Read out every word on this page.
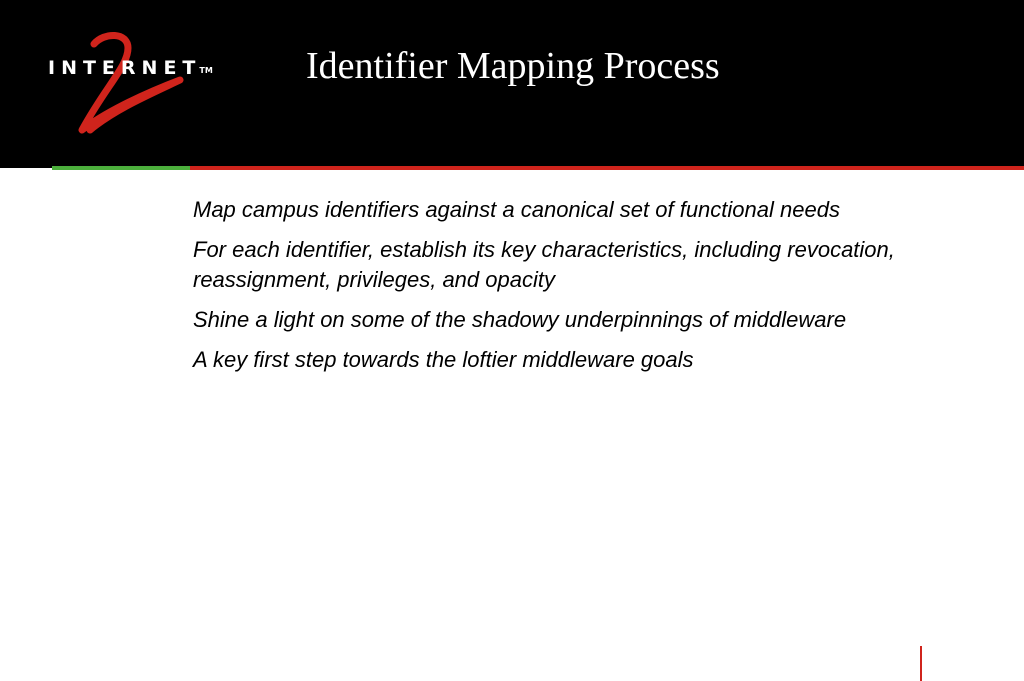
INTERNET
TM Identifier Mapping Process
Map campus identifiers against a canonical set of functional needs
For each identifier, establish its key characteristics, including revocation, reassignment, privileges, and opacity
Shine a light on some of the shadowy underpinnings of middleware
A key first step towards the loftier middleware goals
